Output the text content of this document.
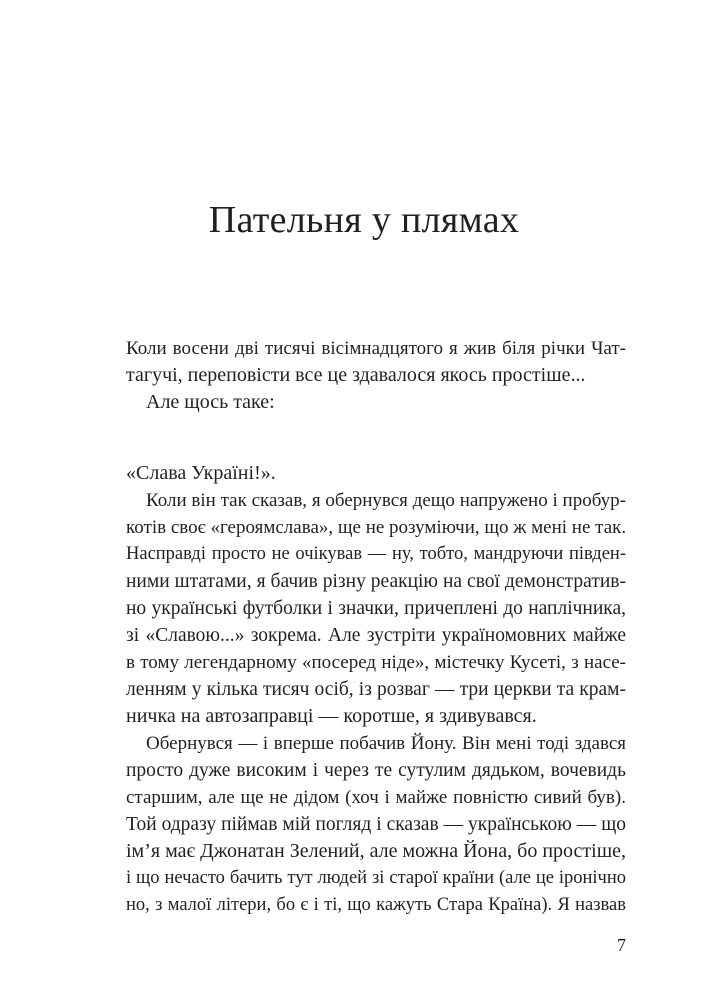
Пательня у плямах

Коли восени дві тисячі вісімнадцятого я жив біля річки Чат-

тагучі, переповісти все це здавалося якось простіше...

Але щось таке:

«Слава Україні!».

Коли він так сказав, я обернувся дещо напружено і пробур-

котів своє «героямслава», ще не розуміючи, що ж мені не так.

Насправді просто не очікував — ну, тобто, мандруючи півден-

ними штатами, я бачив різну реакцію на свої демонстратив-

но українські футболки і значки, причеплені до наплічника,

зі «Славою...» зокрема. Але зустріти україномовних майже

в тому легендарному «посеред ніде», містечку Кусеті, з насе-

ленням у кілька тисяч осіб, із розваг — три церкви та крам-

ничка на автозаправці — коротше, я здивувався.

Обернувся — і вперше побачив Йону. Він мені тоді здався

просто дуже високим і через те сутулим дядьком, вочевидь

старшим, але ще не дідом (хоч і майже повністю сивий був).

Той одразу піймав мій погляд і сказав — українською — що

ім’я має Джонатан Зелений, але можна Йона, бо простіше,

і що нечасто бачить тут людей зі старої країни (але це іронічно

но, з малої літери, бо є і ті, що кажуть Стара Країна). Я назвав

7
